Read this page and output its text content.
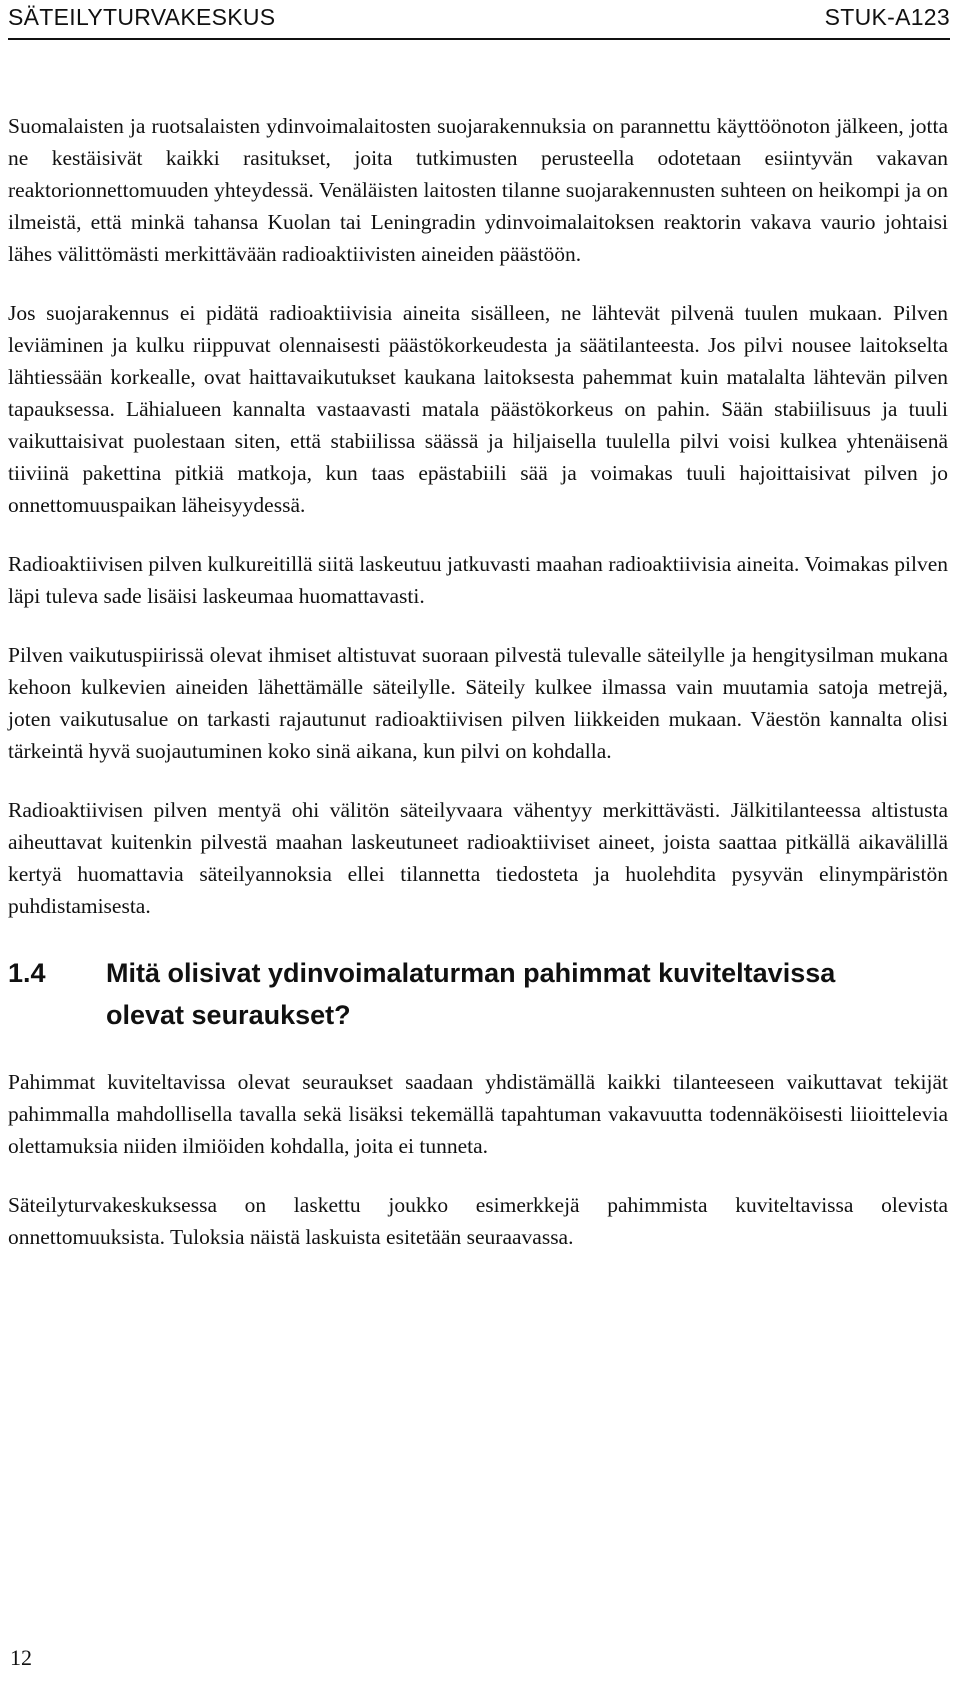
SÄTEILYTURVAKESKUS	STUK-A123

Suomalaisten ja ruotsalaisten ydinvoimalaitosten suojarakennuksia on parannettu käyttöönoton jälkeen, jotta ne kestäisivät kaikki rasitukset, joita tutkimusten perusteella odotetaan esiintyvän vakavan reaktorionnettomuuden yhteydessä. Venäläisten laitosten tilanne suojarakennusten suhteen on heikompi ja on ilmeistä, että minkä tahansa Kuolan tai Leningradin ydinvoimalaitoksen reaktorin vakava vaurio johtaisi lähes välittömästi merkittävään radioaktiivisten aineiden päästöön.

Jos suojarakennus ei pidätä radioaktiivisia aineita sisälleen, ne lähtevät pilvenä tuulen mukaan. Pilven leviäminen ja kulku riippuvat olennaisesti päästökorkeudesta ja säätilanteesta. Jos pilvi nousee laitokselta lähtiessään korkealle, ovat haittavaikutukset kaukana laitoksesta pahemmat kuin matalalta lähtevän pilven tapauksessa. Lähialueen kannalta vastaavasti matala päästökorkeus on pahin. Sään stabiilisuus ja tuuli vaikuttaisivat puolestaan siten, että stabiilissa säässä ja hiljaisella tuulella pilvi voisi kulkea yhtenäisenä tiiviinä pakettina pitkiä matkoja, kun taas epästabiili sää ja voimakas tuuli hajoittaisivat pilven jo onnettomuuspaikan läheisyydessä.

Radioaktiivisen pilven kulkureitillä siitä laskeutuu jatkuvasti maahan radioaktiivisia aineita. Voimakas pilven läpi tuleva sade lisäisi laskeumaa huomattavasti.

Pilven vaikutuspiirissä olevat ihmiset altistuvat suoraan pilvestä tulevalle säteilylle ja hengitysilman mukana kehoon kulkevien aineiden lähettämälle säteilylle. Säteily kulkee ilmassa vain muutamia satoja metrejä, joten vaikutusalue on tarkasti rajautunut radioaktiivisen pilven liikkeiden mukaan. Väestön kannalta olisi tärkeintä hyvä suojautuminen koko sinä aikana, kun pilvi on kohdalla.

Radioaktiivisen pilven mentyä ohi välitön säteilyvaara vähentyy merkittävästi. Jälkitilanteessa altistusta aiheuttavat kuitenkin pilvestä maahan laskeutuneet radioaktiiviset aineet, joista saattaa pitkällä aikavälillä kertyä huomattavia säteilyannoksia ellei tilannetta tiedosteta ja huolehdita pysyvän elinympäristön puhdistamisesta.

1.4	Mitä olisivat ydinvoimalaturman pahimmat kuviteltavissa olevat seuraukset?

Pahimmat kuviteltavissa olevat seuraukset saadaan yhdistämällä kaikki tilanteeseen vaikuttavat tekijät pahimmalla mahdollisella tavalla sekä lisäksi tekemällä tapahtuman vakavuutta todennäköisesti liioittelevia olettamuksia niiden ilmiöiden kohdalla, joita ei tunneta.

Säteilyturvakeskuksessa on laskettu joukko esimerkkejä pahimmista kuviteltavissa olevista onnettomuuksista. Tuloksia näistä laskuista esitetään seuraavassa.

12
